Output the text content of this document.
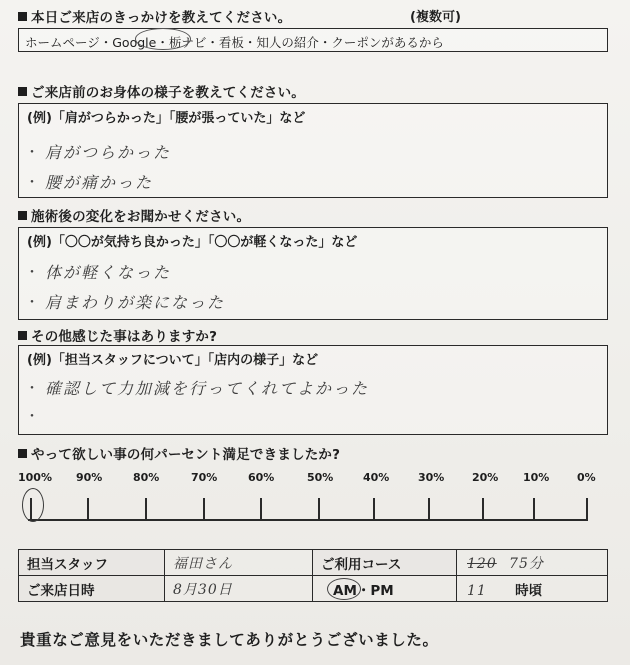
本日ご来店のきっかけを教えてください。	(複数可)
ホームページ・Google・栃ナビ・看板・知人の紹介・クーポンがあるから
ご来店前のお身体の様子を教えてください。
(例)「肩がつらかった」「腰が張っていた」など
・ 肩がつらかった
・ 腰が痛かった
施術後の変化をお聞かせください。
(例)「〇〇が気持ち良かった」「〇〇が軽くなった」など
・ 体が軽くなった
・ 肩まわりが楽になった
その他感じた事はありますか?
(例)「担当スタッフについて」「店内の様子」など
・ 確認して力加減を行ってくれてよかった
・
やって欲しい事の何パーセント満足できましたか?
100% 90%	80%	70%	60%	50%	40%	30%	20% 10%	0%
担当スタッフ	福田さん	ご利用コース	120 75分
ご来店日時	8月30日	AM・PM	11 時頃
貴重なご意見をいただきましてありがとうございました。
